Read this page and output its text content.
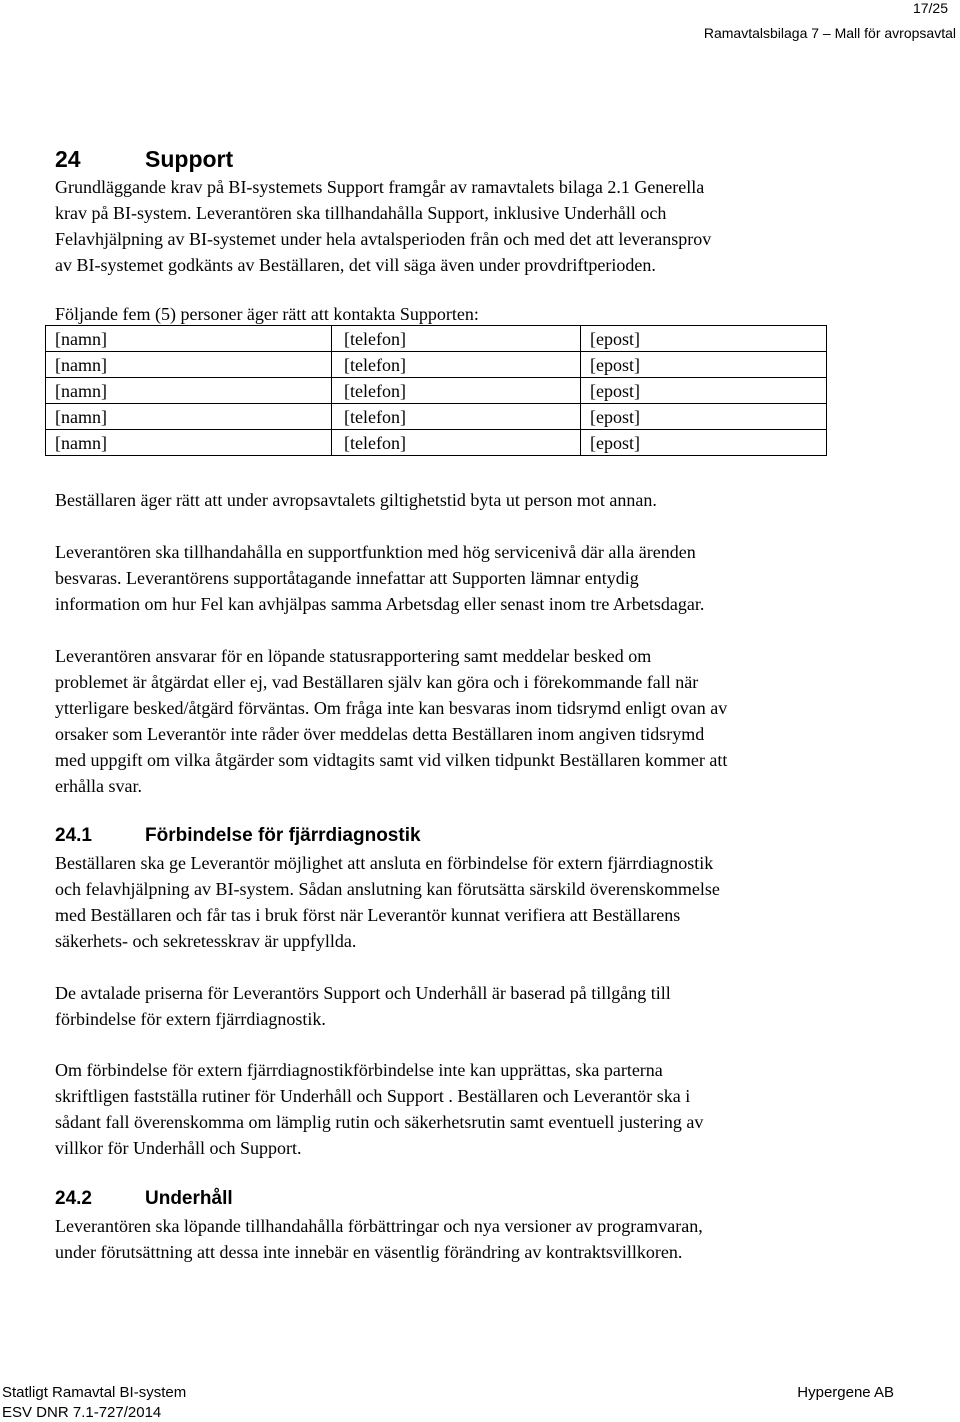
17/25
Ramavtalsbilaga 7 – Mall för avropsavtal
24	Support
Grundläggande krav på BI-systemets Support framgår av ramavtalets bilaga 2.1 Generella
krav på BI-system. Leverantören ska tillhandahålla Support, inklusive Underhåll och
Felavhjälpning av BI-systemet under hela avtalsperioden från och med det att leveransprov
av BI-systemet godkänts av Beställaren, det vill säga även under provdriftperioden.
Följande fem (5) personer äger rätt att kontakta Supporten:
[namn]	[telefon]	[epost]
[namn]	[telefon]	[epost]
[namn]	[telefon]	[epost]
[namn]	[telefon]	[epost]
[namn]	[telefon]	[epost]
Beställaren äger rätt att under avropsavtalets giltighetstid byta ut person mot annan.
Leverantören ska tillhandahålla en supportfunktion med hög servicenivå där alla ärenden
besvaras. Leverantörens supportåtagande innefattar att Supporten lämnar entydig
information om hur Fel kan avhjälpas samma Arbetsdag eller senast inom tre Arbetsdagar.
Leverantören ansvarar för en löpande statusrapportering samt meddelar besked om
problemet är åtgärdat eller ej, vad Beställaren själv kan göra och i förekommande fall när
ytterligare besked/åtgärd förväntas. Om fråga inte kan besvaras inom tidsrymd enligt ovan av
orsaker som Leverantör inte råder över meddelas detta Beställaren inom angiven tidsrymd
med uppgift om vilka åtgärder som vidtagits samt vid vilken tidpunkt Beställaren kommer att
erhålla svar.
24.1	Förbindelse för fjärrdiagnostik
Beställaren ska ge Leverantör möjlighet att ansluta en förbindelse för extern fjärrdiagnostik
och felavhjälpning av BI-system. Sådan anslutning kan förutsätta särskild överenskommelse
med Beställaren och får tas i bruk först när Leverantör kunnat verifiera att Beställarens
säkerhets- och sekretesskrav är uppfyllda.
De avtalade priserna för Leverantörs Support och Underhåll är baserad på tillgång till
förbindelse för extern fjärrdiagnostik.
Om förbindelse för extern fjärrdiagnostikförbindelse inte kan upprättas, ska parterna
skriftligen fastställa rutiner för Underhåll och Support . Beställaren och Leverantör ska i
sådant fall överenskomma om lämplig rutin och säkerhetsrutin samt eventuell justering av
villkor för Underhåll och Support.
24.2	Underhåll
Leverantören ska löpande tillhandahålla förbättringar och nya versioner av programvaran,
under förutsättning att dessa inte innebär en väsentlig förändring av kontraktsvillkoren.
Statligt Ramavtal BI-system
ESV DNR 7.1-727/2014
Hypergene AB
